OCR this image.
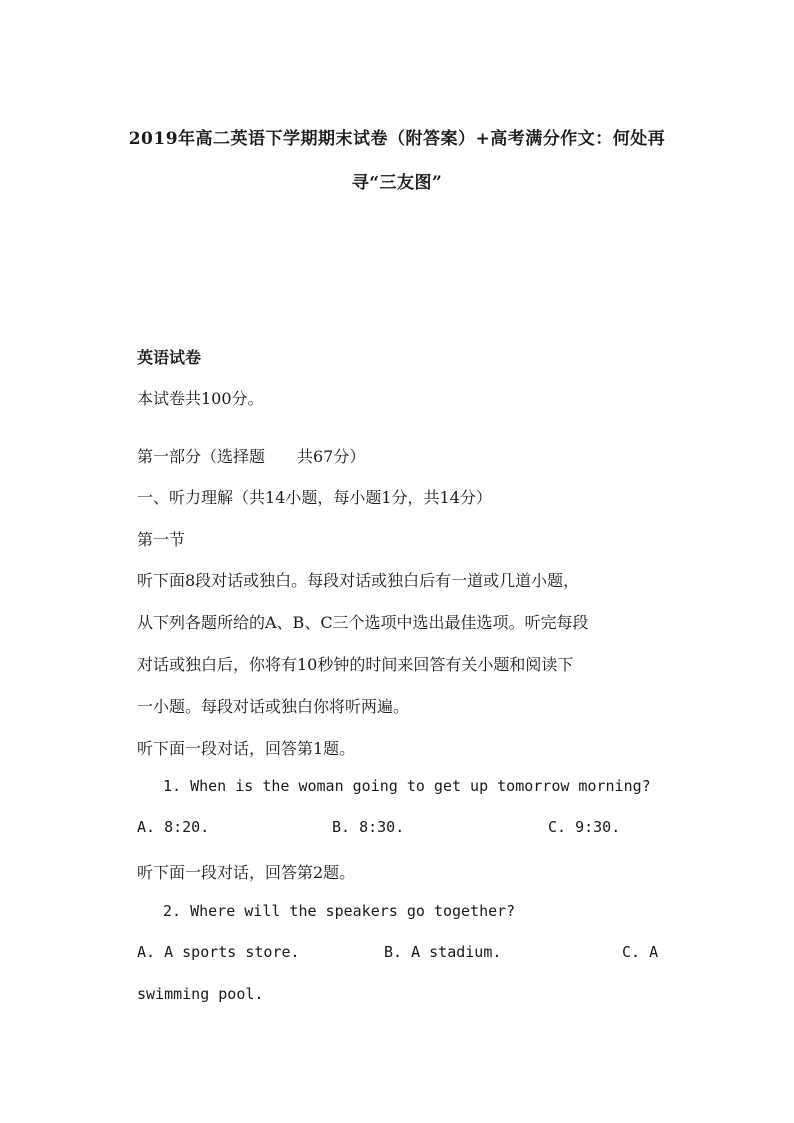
2019年高二英语下学期期末试卷（附答案）+高考满分作文：何处再
寻“三友图”
英语试卷
本试卷共100分。
第一部分（选择题　　共67分）
一、听力理解（共14小题，每小题1分，共14分）
第一节
听下面8段对话或独白。每段对话或独白后有一道或几道小题，
从下列各题所给的A、B、C三个选项中选出最佳选项。听完每段
对话或独白后，你将有10秒钟的时间来回答有关小题和阅读下
一小题。每段对话或独白你将听两遍。
听下面一段对话，回答第1题。
1. When is the woman going to get up tomorrow morning?
A. 8:20.	B. 8:30.	C. 9:30.
听下面一段对话，回答第2题。
2. Where will the speakers go together?
A. A sports store.	B. A stadium.	C. A
swimming pool.
